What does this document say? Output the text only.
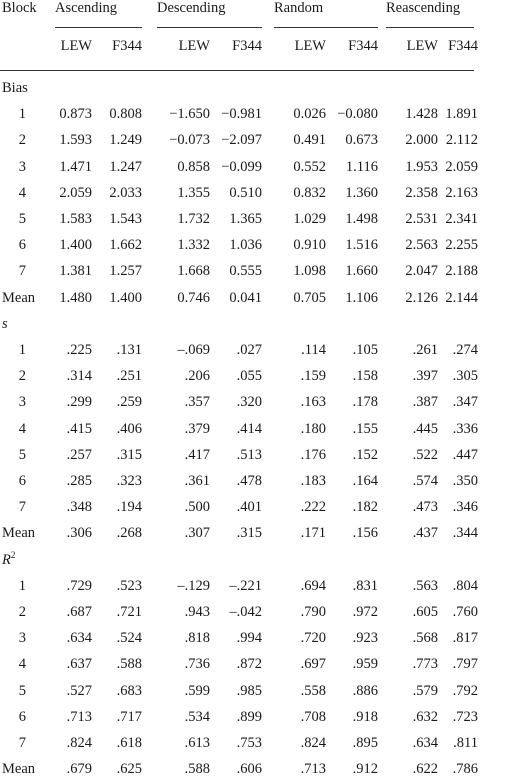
Block Ascending	Descending	Random	Reascending
LEW F344	LEW F344 LEW F344 LEW F344
Bias
1 0.873 0.808 −1.650 −0.981 0.026 −0.080 1.428 1.891
2 1.593 1.249 −0.073 −2.097 0.491 0.673 2.000 2.112
3 1.471 1.247 0.858 −0.099 0.552 1.116 1.953 2.059
4 2.059 2.033 1.355 0.510 0.832 1.360 2.358 2.163
5 1.583 1.543 1.732 1.365 1.029 1.498 2.531 2.341
6 1.400 1.662 1.332 1.036 0.910 1.516 2.563 2.255
7 1.381 1.257 1.668 0.555 1.098 1.660 2.047 2.188
Mean 1.480 1.400 0.746 0.041 0.705 1.106 2.126 2.144
s
1	.225 .131 –.069 .027	.114 .105 .261 .274
2	.314 .251	.206 .055	.159 .158 .397 .305
3	.299 .259	.357 .320	.163 .178 .387 .347
4	.415 .406	.379 .414	.180 .155 .445 .336
5	.257 .315	.417 .513	.176 .152 .522 .447
6	.285 .323	.361 .478	.183 .164 .574 .350
7	.348 .194	.500 .401	.222 .182 .473 .346
Mean .306 .268	.307 .315	.171 .156 .437 .344
$R^2$
1	.729 .523 –.129 –.221	.694 .831 .563 .804
2	.687 .721	.943 –.042	.790 .972 .605 .760
3	.634 .524	.818 .994	.720 .923 .568 .817
4	.637 .588	.736 .872	.697 .959 .773 .797
5	.527 .683	.599 .985	.558 .886 .579 .792
6	.713 .717	.534 .899	.708 .918 .632 .723
7	.824 .618	.613 .753	.824 .895 .634 .811
Mean .679 .625	.588 .606	.713 .912 .622 .786
